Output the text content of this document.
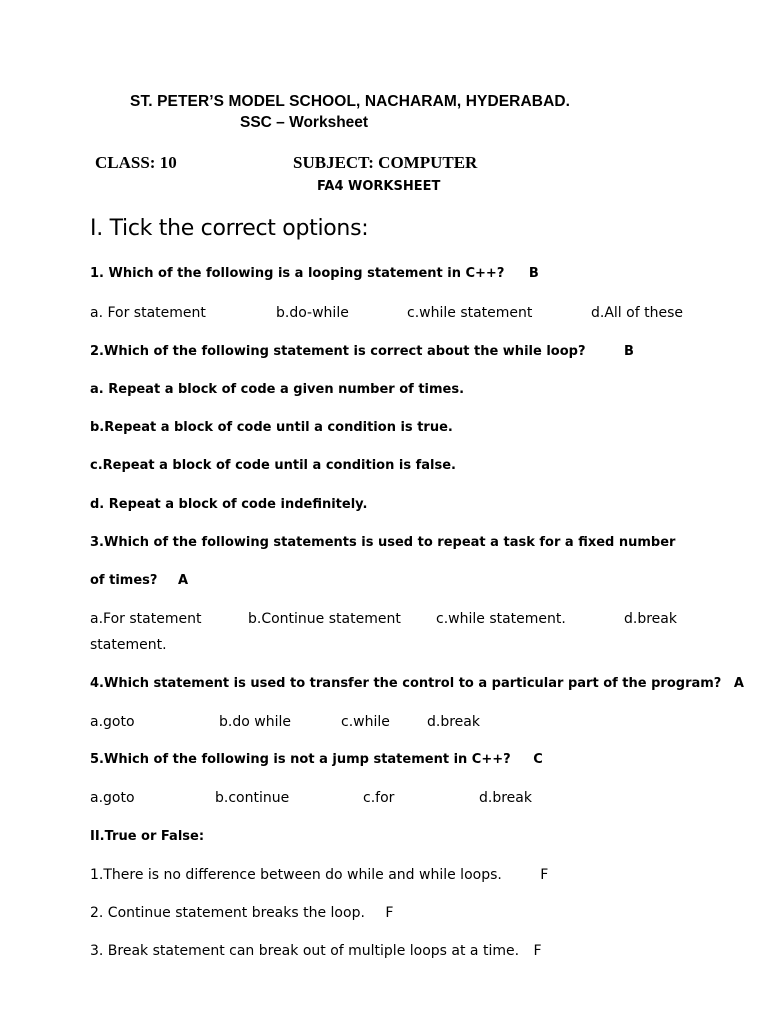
ST. PETER’S MODEL SCHOOL, NACHARAM, HYDERABAD.
SSC – Worksheet
CLASS: 10	SUBJECT: COMPUTER
FA4 WORKSHEET
I. Tick the correct options:
1. Which of the following is a looping statement in C++? B
a. For statement	b.do-while	c.while statement	d.All of these
2.Which of the following statement is correct about the while loop?	B
a. Repeat a block of code a given number of times.
b.Repeat a block of code until a condition is true.
c.Repeat a block of code until a condition is false.
d. Repeat a block of code indefinitely.
3.Which of the following statements is used to repeat a task for a fixed number
of times? A
a.For statement	b.Continue statement	c.while statement.	d.break
statement.
4.Which statement is used to transfer the control to a particular part of the program? A
a.goto	b.do while	c.while	d.break
5.Which of the following is not a jump statement in C++? C
a.goto	b.continue	c.for	d.break
II.True or False:
1.There is no difference between do while and while loops.	F
2. Continue statement breaks the loop. F
3. Break statement can break out of multiple loops at a time. F
